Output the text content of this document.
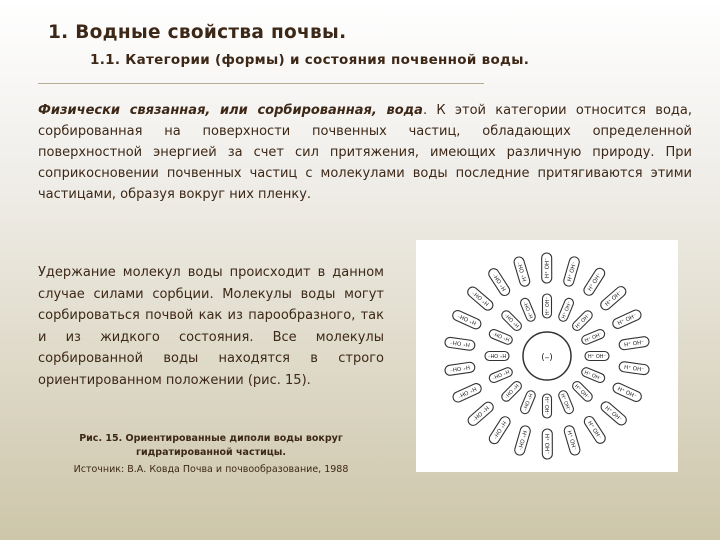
1. Водные свойства почвы.
1.1. Категории (формы) и состояния почвенной воды.

Физически связанная, или сорбированная, вода. К этой категории относится вода, сорбированная на поверхности почвенных частиц, обладающих определенной поверхностной энергией за счет сил притяжения, имеющих различную природу. При соприкосновении почвенных частиц с молекулами воды последние притягиваются этими частицами, образуя вокруг них пленку.

Удержание молекул воды происходит в данном случае силами сорбции. Молекулы воды могут сорбироваться почвой как из парообразного, так и из жидкого состояния. Все молекулы сорбированной воды находятся в строго ориентированном положении (рис. 15).

Рис. 15. Ориентированные диполи воды вокруг гидратированной частицы.

Источник: В.А. Ковда Почва и почвообразование, 1988

H⁺ OH⁻
H⁺ OH⁻
H⁺ OH⁻
H⁺ OH⁻
H⁺ OH⁻
H⁺ OH⁻
H⁺ OH⁻
H⁺ OH⁻
H⁺ OH⁻
H⁺ OH⁻
H⁺ OH⁻
H⁺ OH⁻ H⁺ OH⁻ H⁺ OH⁻
H⁺ OH⁻
H⁺ OH⁻
H⁺ OH⁻
H⁺ OH⁻
H⁺ OH⁻
H⁺ OH⁻
H⁺ OH⁻
H⁺ OH⁻
H⁺ OH⁻
H⁺ OH⁻
H⁺ OH⁻
H⁺ OH⁻
H⁺ OH⁻
H⁺ OH⁻
H⁺ OH⁻
H⁺ OH⁻
H⁺ OH⁻ H⁺ OH⁻	H⁺ OH⁻	H⁺ OH⁻
H⁺ OH⁻
H⁺ OH⁻
H⁺ OH⁻
H⁺ OH⁻
(–)
